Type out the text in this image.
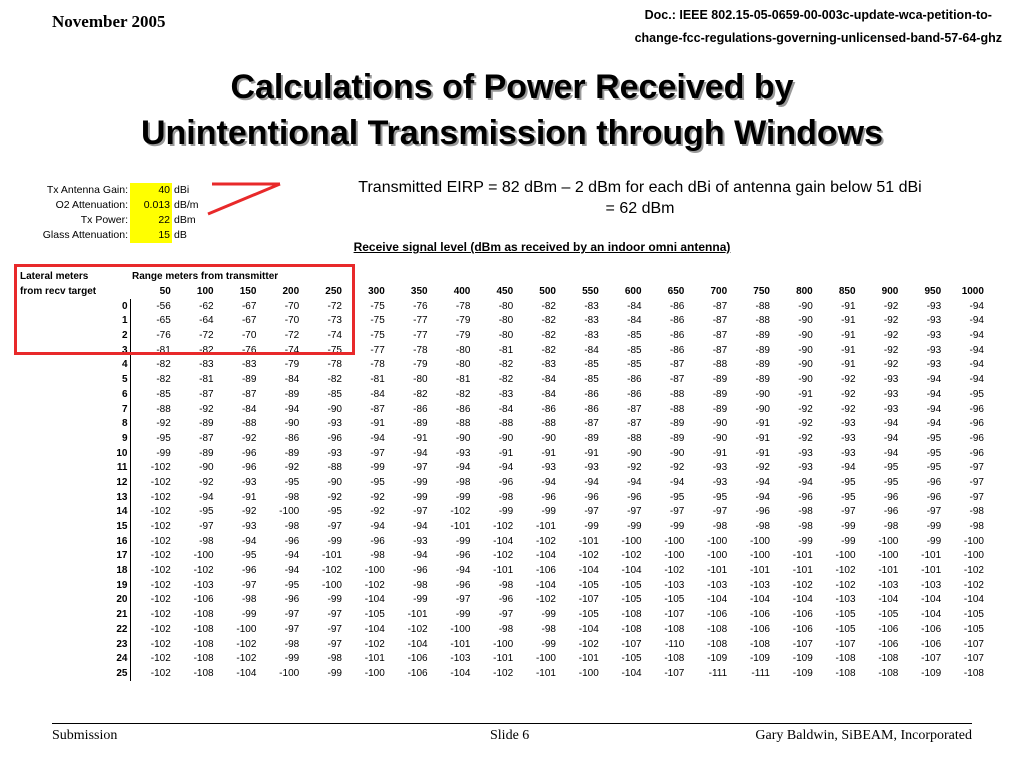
November 2005	Doc.: IEEE 802.15-05-0659-00-003c-update-wca-petition-to-
change-fcc-regulations-governing-unlicensed-band-57-64-ghz
Calculations of Power Received by
Unintentional Transmission through Windows
Tx Antenna Gain:	40	dBi
O2 Attenuation:	0.013	dB/m
Tx Power:	22	dBm
Glass Attenuation:	15	dB
Transmitted EIRP = 82 dBm – 2 dBm for each dBi of antenna gain below 51 dBi
= 62 dBm
Receive signal level (dBm as received by an indoor omni antenna)
Lateral meters	Range meters from transmitter																			
from recv target	50	100	150	200	250	300	350	400	450	500	550	600	650	700	750	800	850	900	950	1000
0	-56	-62	-67	-70	-72	-75	-76	-78	-80	-82	-83	-84	-86	-87	-88	-90	-91	-92	-93	-94
1	-65	-64	-67	-70	-73	-75	-77	-79	-80	-82	-83	-84	-86	-87	-88	-90	-91	-92	-93	-94
2	-76	-72	-70	-72	-74	-75	-77	-79	-80	-82	-83	-85	-86	-87	-89	-90	-91	-92	-93	-94
3	-81	-82	-76	-74	-75	-77	-78	-80	-81	-82	-84	-85	-86	-87	-89	-90	-91	-92	-93	-94
4	-82	-83	-83	-79	-78	-78	-79	-80	-82	-83	-85	-85	-87	-88	-89	-90	-91	-92	-93	-94
5	-82	-81	-89	-84	-82	-81	-80	-81	-82	-84	-85	-86	-87	-89	-89	-90	-92	-93	-94	-94
6	-85	-87	-87	-89	-85	-84	-82	-82	-83	-84	-86	-86	-88	-89	-90	-91	-92	-93	-94	-95
7	-88	-92	-84	-94	-90	-87	-86	-86	-84	-86	-86	-87	-88	-89	-90	-92	-92	-93	-94	-96
8	-92	-89	-88	-90	-93	-91	-89	-88	-88	-88	-87	-87	-89	-90	-91	-92	-93	-94	-94	-96
9	-95	-87	-92	-86	-96	-94	-91	-90	-90	-90	-89	-88	-89	-90	-91	-92	-93	-94	-95	-96
10	-99	-89	-96	-89	-93	-97	-94	-93	-91	-91	-91	-90	-90	-91	-91	-93	-93	-94	-95	-96
11	-102	-90	-96	-92	-88	-99	-97	-94	-94	-93	-93	-92	-92	-93	-92	-93	-94	-95	-95	-97
12	-102	-92	-93	-95	-90	-95	-99	-98	-96	-94	-94	-94	-94	-93	-94	-94	-95	-95	-96	-97
13	-102	-94	-91	-98	-92	-92	-99	-99	-98	-96	-96	-96	-95	-95	-94	-96	-95	-96	-96	-97
14	-102	-95	-92	-100	-95	-92	-97	-102	-99	-99	-97	-97	-97	-97	-96	-98	-97	-96	-97	-98
15	-102	-97	-93	-98	-97	-94	-94	-101	-102	-101	-99	-99	-99	-98	-98	-98	-99	-98	-99	-98
16	-102	-98	-94	-96	-99	-96	-93	-99	-104	-102	-101	-100	-100	-100	-100	-99	-99	-100	-99	-100
17	-102	-100	-95	-94	-101	-98	-94	-96	-102	-104	-102	-102	-100	-100	-100	-101	-100	-100	-101	-100
18	-102	-102	-96	-94	-102	-100	-96	-94	-101	-106	-104	-104	-102	-101	-101	-101	-102	-101	-101	-102
19	-102	-103	-97	-95	-100	-102	-98	-96	-98	-104	-105	-105	-103	-103	-103	-102	-102	-103	-103	-102
20	-102	-106	-98	-96	-99	-104	-99	-97	-96	-102	-107	-105	-105	-104	-104	-104	-103	-104	-104	-104
21	-102	-108	-99	-97	-97	-105	-101	-99	-97	-99	-105	-108	-107	-106	-106	-106	-105	-105	-104	-105
22	-102	-108	-100	-97	-97	-104	-102	-100	-98	-98	-104	-108	-108	-108	-106	-106	-105	-106	-106	-105
23	-102	-108	-102	-98	-97	-102	-104	-101	-100	-99	-102	-107	-110	-108	-108	-107	-107	-106	-106	-107
24	-102	-108	-102	-99	-98	-101	-106	-103	-101	-100	-101	-105	-108	-109	-109	-109	-108	-108	-107	-107
25	-102	-108	-104	-100	-99	-100	-106	-104	-102	-101	-100	-104	-107	-111	-111	-109	-108	-108	-109	-108
Submission	Slide 6	Gary Baldwin, SiBEAM, Incorporated
